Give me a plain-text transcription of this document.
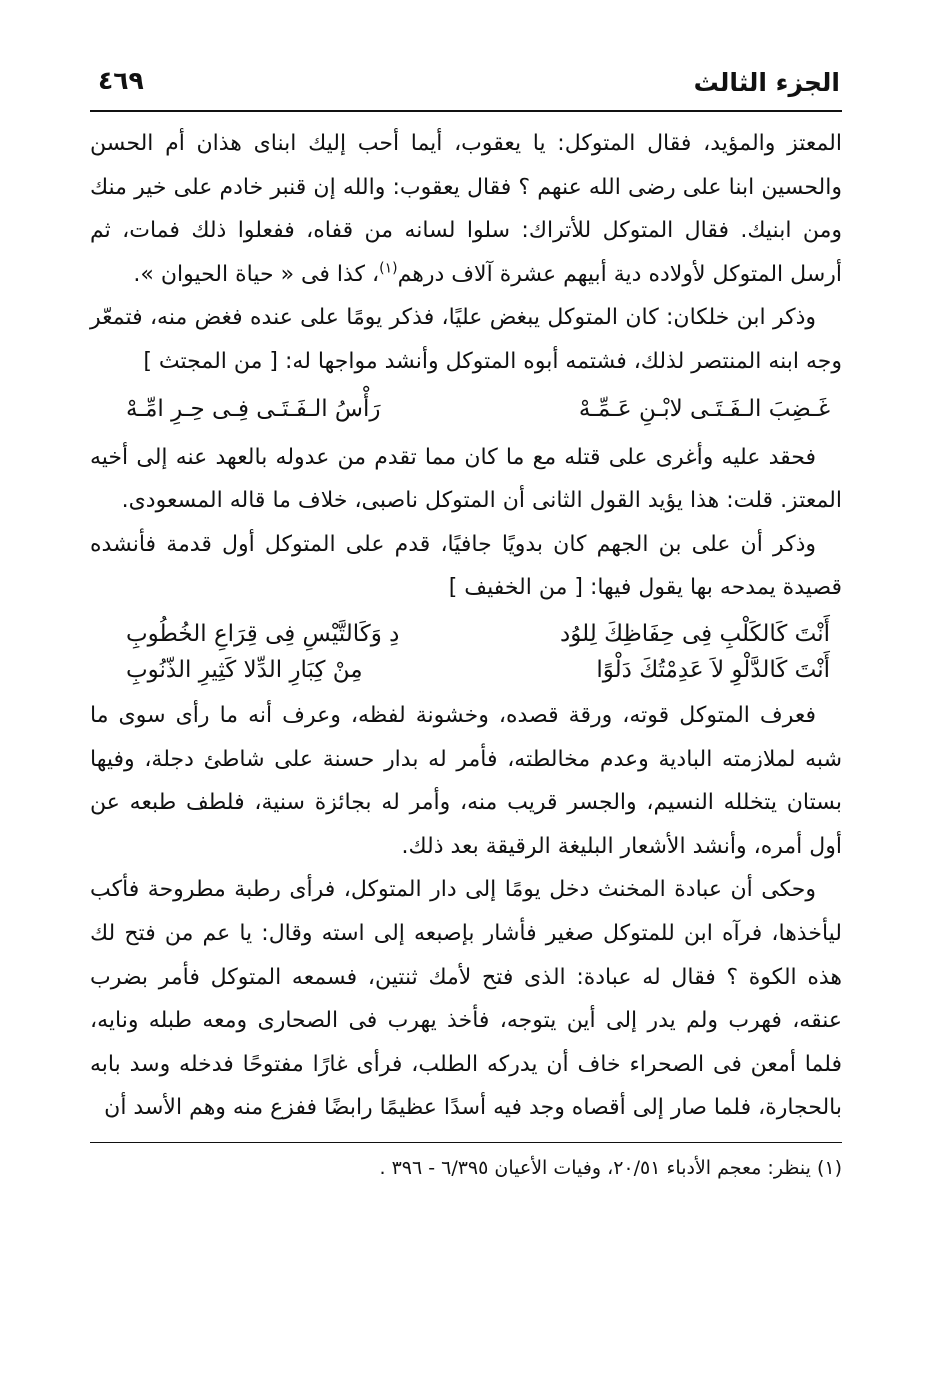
الجزء الثالث
٤٦٩

المعتز والمؤيد، فقال المتوكل: يا يعقوب، أيما أحب إليك ابناى هذان أم الحسن والحسين ابنا على رضى الله عنهم ؟ فقال يعقوب: والله إن قنبر خادم على خير منك ومن ابنيك. فقال المتوكل للأتراك: سلوا لسانه من قفاه، ففعلوا ذلك فمات، ثم أرسل المتوكل لأولاده دية أبيهم عشرة آلاف درهم$^{(١)}$، كذا فى « حياة الحيوان ».

وذكر ابن خلكان: كان المتوكل يبغض عليًا، فذكر يومًا على عنده فغض منه، فتمعّر وجه ابنه المنتصر لذلك، فشتمه أبوه المتوكل وأنشد مواجها له: [ من المجتث ]

غَـضِبَ الـفَـتَـى لابْـنِ عَـمِّـهْ
رَأْسُ الـفَـتَـى فِـى حِـرِ امِّـهْ

فحقد عليه وأغرى على قتله مع ما كان مما تقدم من عدوله بالعهد عنه إلى أخيه المعتز. قلت: هذا يؤيد القول الثانى أن المتوكل ناصبى، خلاف ما قاله المسعودى.

وذكر أن على بن الجهم كان بدويًا جافيًا، قدم على المتوكل أول قدمة فأنشده قصيدة يمدحه بها يقول فيها: [ من الخفيف ]

أَنْتَ كَالكَلْبِ فِى حِفَاظِكَ لِلوُد
دِ وَكَالتَّيْسِ فِى قِرَاعِ الخُطُوبِ
أَنْتَ كَالدَّلْوِ لاَ عَدِمْتُكَ دَلْوًا
مِنْ كِبَارِ الدِّلا كَثِيرِ الذّنُوبِ

فعرف المتوكل قوته، ورقة قصده، وخشونة لفظه، وعرف أنه ما رأى سوى ما شبه لملازمته البادية وعدم مخالطته، فأمر له بدار حسنة على شاطئ دجلة، وفيها بستان يتخلله النسيم، والجسر قريب منه، وأمر له بجائزة سنية، فلطف طبعه عن أول أمره، وأنشد الأشعار البليغة الرقيقة بعد ذلك.

وحكى أن عبادة المخنث دخل يومًا إلى دار المتوكل، فرأى رطبة مطروحة فأكب ليأخذها، فرآه ابن للمتوكل صغير فأشار بإصبعه إلى استه وقال: يا عم من فتح لك هذه الكوة ؟ فقال له عبادة: الذى فتح لأمك ثنتين، فسمعه المتوكل فأمر بضرب عنقه، فهرب ولم يدر إلى أين يتوجه، فأخذ يهرب فى الصحارى ومعه طبله ونايه، فلما أمعن فى الصحراء خاف أن يدركه الطلب، فرأى غارًا مفتوحًا فدخله وسد بابه بالحجارة، فلما صار إلى أقصاه وجد فيه أسدًا عظيمًا رابضًا ففزع منه وهم الأسد أن

(١) ينظر: معجم الأدباء ٢٠/٥١، وفيات الأعيان ٦/٣٩٥ - ٣٩٦ .
